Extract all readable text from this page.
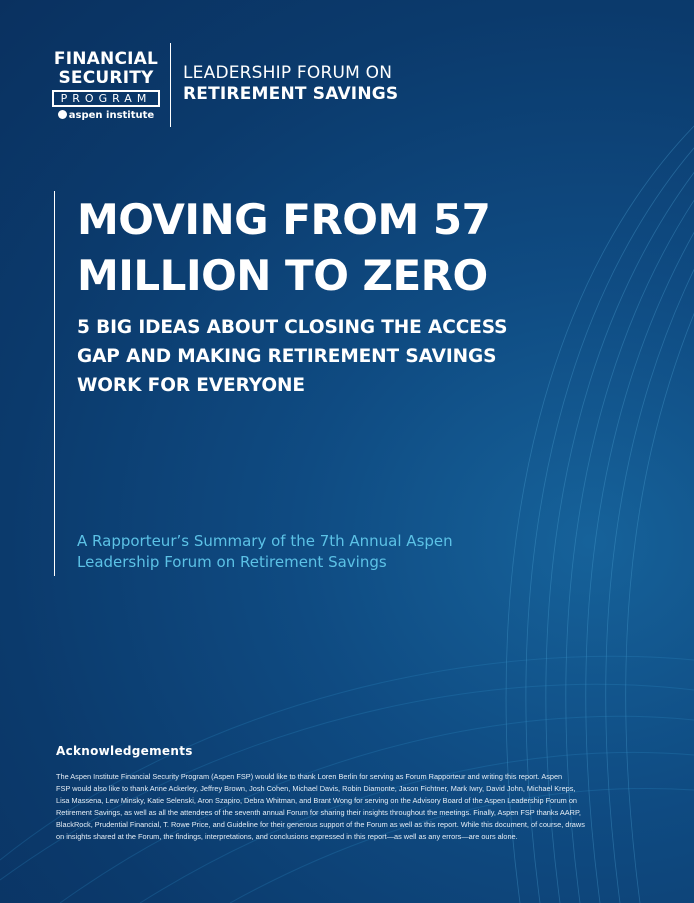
FINANCIAL
SECURITY
PROGRAM
aspen institute
LEADERSHIP FORUM ON
RETIREMENT SAVINGS
MOVING FROM 57
MILLION TO ZERO
5 BIG IDEAS ABOUT CLOSING THE ACCESS
GAP AND MAKING RETIREMENT SAVINGS
WORK FOR EVERYONE
A Rapporteur’s Summary of the 7th Annual Aspen
Leadership Forum on Retirement Savings
Acknowledgements
The Aspen Institute Financial Security Program (Aspen FSP) would like to thank Loren Berlin for serving as Forum Rapporteur and writing this report. Aspen
FSP would also like to thank Anne Ackerley, Jeffrey Brown, Josh Cohen, Michael Davis, Robin Diamonte, Jason Fichtner, Mark Iwry, David John, Michael Kreps,
Lisa Massena, Lew Minsky, Katie Selenski, Aron Szapiro, Debra Whitman, and Brant Wong for serving on the Advisory Board of the Aspen Leadership Forum on
Retirement Savings, as well as all the attendees of the seventh annual Forum for sharing their insights throughout the meetings. Finally, Aspen FSP thanks AARP,
BlackRock, Prudential Financial, T. Rowe Price, and Guideline for their generous support of the Forum as well as this report. While this document, of course, draws
on insights shared at the Forum, the findings, interpretations, and conclusions expressed in this report—as well as any errors—are ours alone.
